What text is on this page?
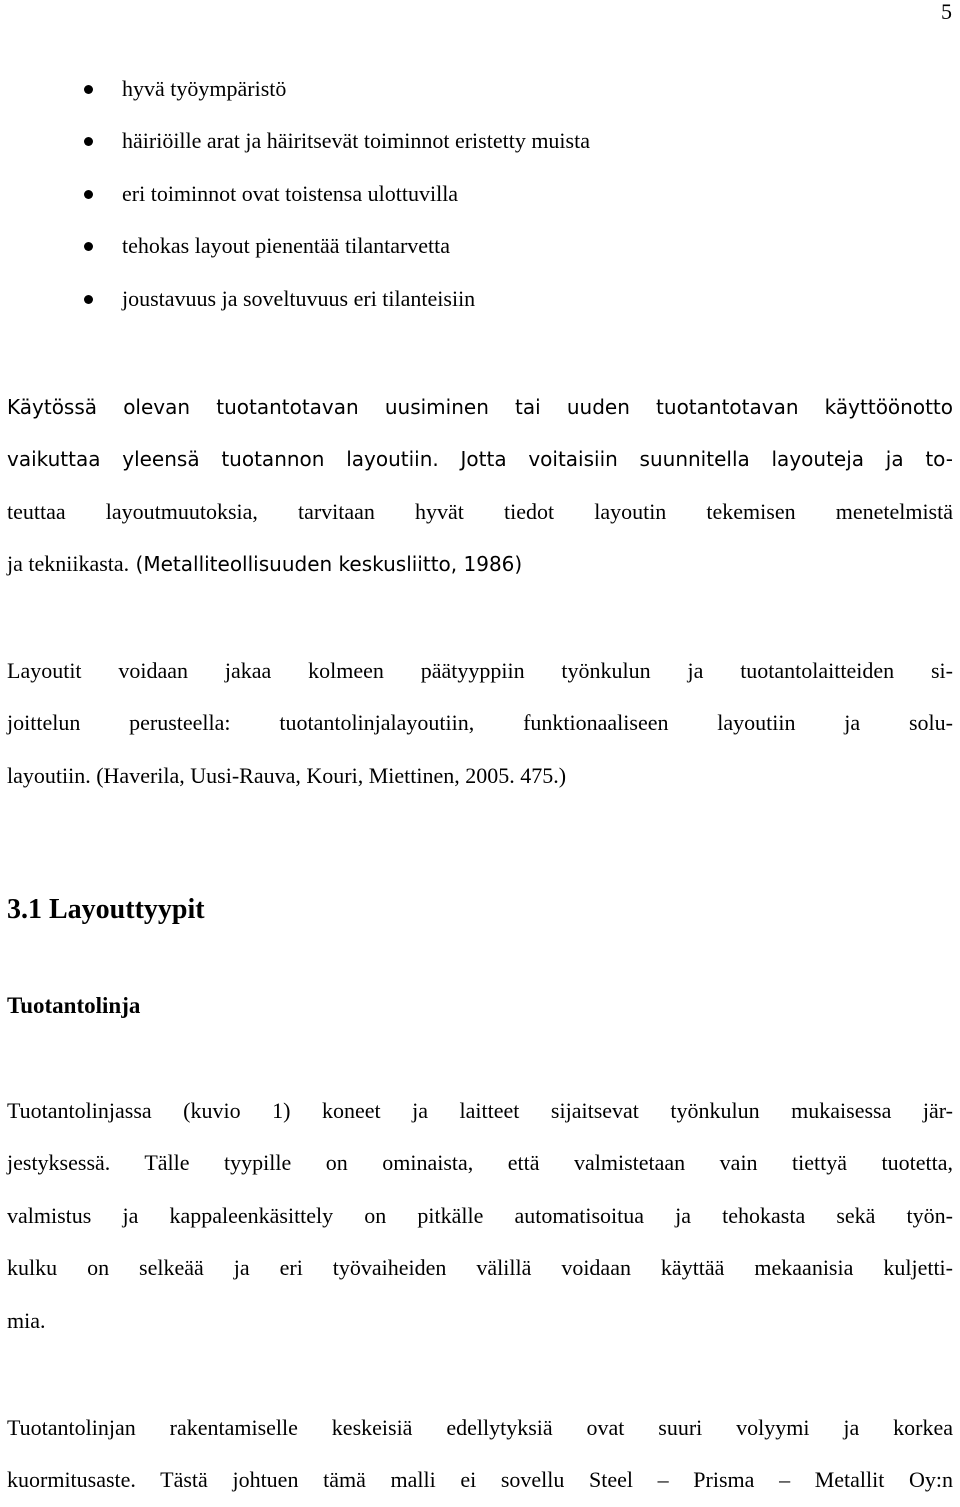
5
hyvä työympäristö
häiriöille arat ja häiritsevät toiminnot eristetty muista
eri toiminnot ovat toistensa ulottuvilla
tehokas layout pienentää tilantarvetta
joustavuus ja soveltuvuus eri tilanteisiin
Käytössä olevan tuotantotavan uusiminen tai uuden tuotantotavan käyttöönotto
vaikuttaa yleensä tuotannon layoutiin. Jotta voitaisiin suunnitella layouteja ja to-
teuttaa layoutmuutoksia, tarvitaan hyvät tiedot layoutin tekemisen menetelmistä
ja tekniikasta. (Metalliteollisuuden keskusliitto, 1986)
Layoutit voidaan jakaa kolmeen päätyyppiin työnkulun ja tuotantolaitteiden si-
joittelun perusteella: tuotantolinjalayoutiin, funktionaaliseen layoutiin ja solu-
layoutiin. (Haverila, Uusi-Rauva, Kouri, Miettinen, 2005. 475.)
3.1 Layouttyypit
Tuotantolinja
Tuotantolinjassa (kuvio 1) koneet ja laitteet sijaitsevat työnkulun mukaisessa jär-
jestyksessä. Tälle tyypille on ominaista, että valmistetaan vain tiettyä tuotetta,
valmistus ja kappaleenkäsittely on pitkälle automatisoitua ja tehokasta sekä työn-
kulku on selkeää ja eri työvaiheiden välillä voidaan käyttää mekaanisia kuljetti-
mia.
Tuotantolinjan rakentamiselle keskeisiä edellytyksiä ovat suuri volyymi ja korkea
kuormitusaste. Tästä johtuen tämä malli ei sovellu Steel – Prisma – Metallit Oy:n
